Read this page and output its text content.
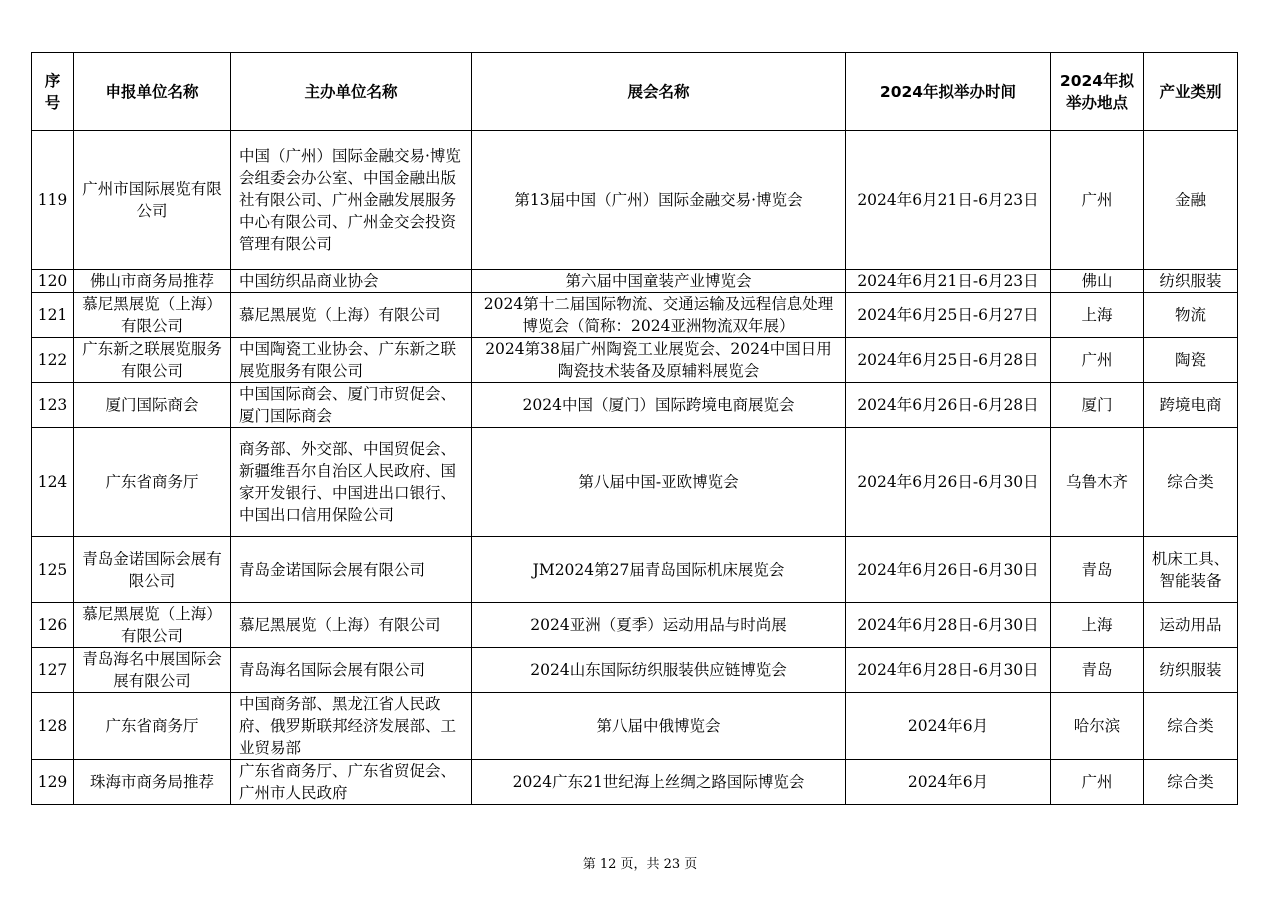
序号	申报单位名称	主办单位名称	展会名称	2024年拟举办时间	2024年拟举办地点	产业类别
119	广州市国际展览有限公司	中国（广州）国际金融交易·博览会组委会办公室、中国金融出版社有限公司、广州金融发展服务中心有限公司、广州金交会投资管理有限公司	第13届中国（广州）国际金融交易·博览会	2024年6月21日-6月23日	广州	金融
120	佛山市商务局推荐	中国纺织品商业协会	第六届中国童装产业博览会	2024年6月21日-6月23日	佛山	纺织服装
121	慕尼黑展览（上海）有限公司	慕尼黑展览（上海）有限公司	2024第十二届国际物流、交通运输及远程信息处理博览会（简称：2024亚洲物流双年展）	2024年6月25日-6月27日	上海	物流
122	广东新之联展览服务有限公司	中国陶瓷工业协会、广东新之联展览服务有限公司	2024第38届广州陶瓷工业展览会、2024中国日用陶瓷技术装备及原辅料展览会	2024年6月25日-6月28日	广州	陶瓷
123	厦门国际商会	中国国际商会、厦门市贸促会、厦门国际商会	2024中国（厦门）国际跨境电商展览会	2024年6月26日-6月28日	厦门	跨境电商
124	广东省商务厅	商务部、外交部、中国贸促会、新疆维吾尔自治区人民政府、国家开发银行、中国进出口银行、中国出口信用保险公司	第八届中国-亚欧博览会	2024年6月26日-6月30日	乌鲁木齐	综合类
125	青岛金诺国际会展有限公司	青岛金诺国际会展有限公司	JM2024第27届青岛国际机床展览会	2024年6月26日-6月30日	青岛	机床工具、智能装备
126	慕尼黑展览（上海）有限公司	慕尼黑展览（上海）有限公司	2024亚洲（夏季）运动用品与时尚展	2024年6月28日-6月30日	上海	运动用品
127	青岛海名中展国际会展有限公司	青岛海名国际会展有限公司	2024山东国际纺织服装供应链博览会	2024年6月28日-6月30日	青岛	纺织服装
128	广东省商务厅	中国商务部、黑龙江省人民政府、俄罗斯联邦经济发展部、工业贸易部	第八届中俄博览会	2024年6月	哈尔滨	综合类
129	珠海市商务局推荐	广东省商务厅、广东省贸促会、广州市人民政府	2024广东21世纪海上丝绸之路国际博览会	2024年6月	广州	综合类
第 12 页，共 23 页
